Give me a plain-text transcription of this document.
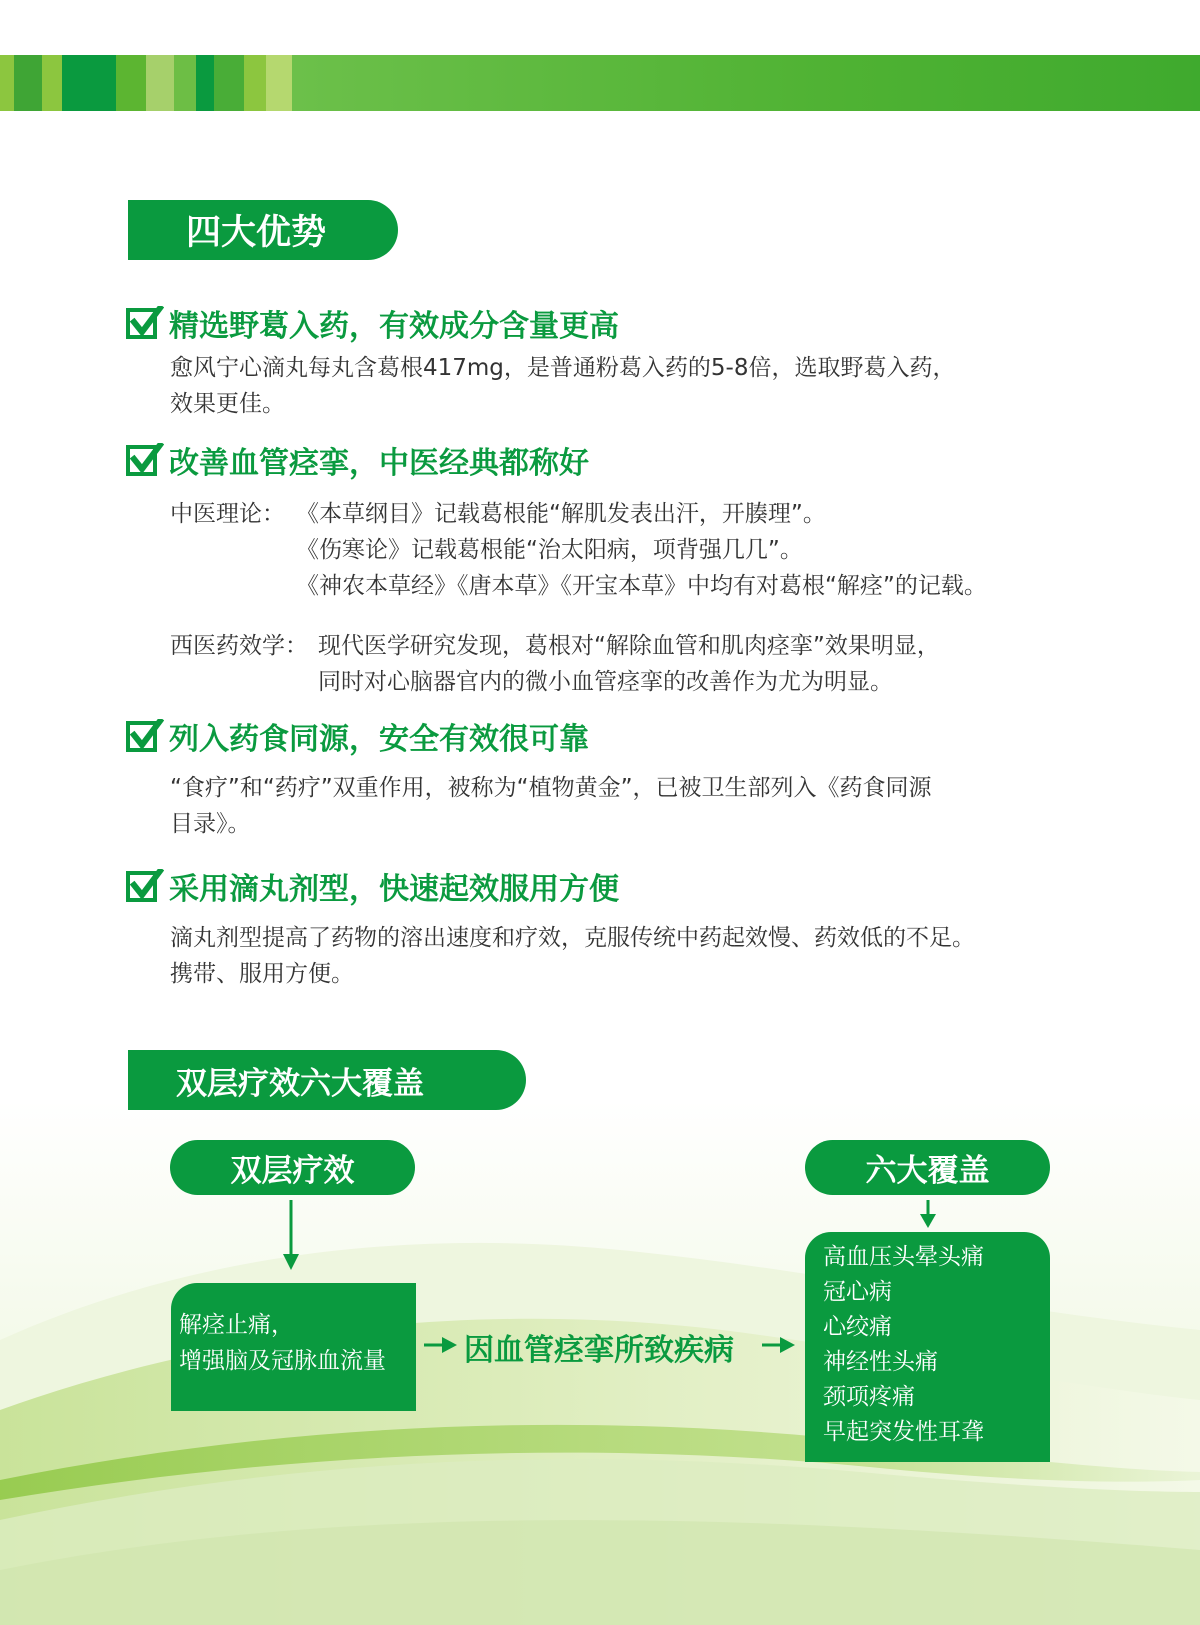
四大优势
精选野葛入药，有效成分含量更高
愈风宁心滴丸每丸含葛根417mg，是普通粉葛入药的5-8倍，选取野葛入药，
效果更佳。
改善血管痉挛，中医经典都称好
中医理论： 《本草纲目》记载葛根能“解肌发表出汗，开腠理”。
《伤寒论》记载葛根能“治太阳病，项背强几几”。
《神农本草经》《唐本草》《开宝本草》中均有对葛根“解痉”的记载。
西医药效学： 现代医学研究发现，葛根对“解除血管和肌肉痉挛”效果明显，
同时对心脑器官内的微小血管痉挛的改善作为尤为明显。
列入药食同源，安全有效很可靠
“食疗”和“药疗”双重作用，被称为“植物黄金”，已被卫生部列入《药食同源
目录》。
采用滴丸剂型，快速起效服用方便
滴丸剂型提高了药物的溶出速度和疗效，克服传统中药起效慢、药效低的不足。
携带、服用方便。
双层疗效六大覆盖
双层疗效	六大覆盖
解痉止痛，
增强脑及冠脉血流量	因血管痉挛所致疾病
高血压头晕头痛
冠心病
心绞痛
神经性头痛
颈项疼痛
早起突发性耳聋
